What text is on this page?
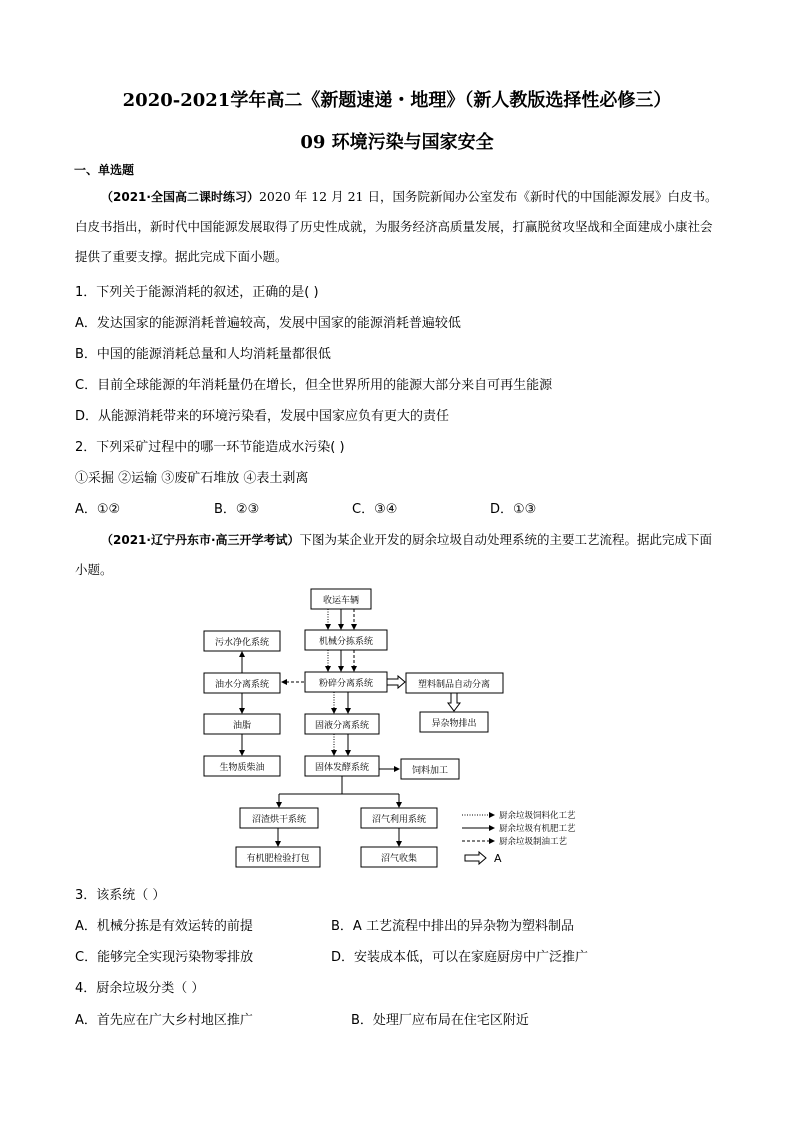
2020-2021学年高二《新题速递・地理》（新人教版选择性必修三）
09 环境污染与国家安全
一、单选题
（2021·全国高二课时练习）2020 年 12 月 21 日，国务院新闻办公室发布《新时代的中国能源发展》白皮书。白皮书指出，新时代中国能源发展取得了历史性成就，为服务经济高质量发展，打赢脱贫攻坚战和全面建成小康社会提供了重要支撑。据此完成下面小题。
1．下列关于能源消耗的叙述，正确的是( )
A．发达国家的能源消耗普遍较高，发展中国家的能源消耗普遍较低
B．中国的能源消耗总量和人均消耗量都很低
C．目前全球能源的年消耗量仍在增长，但全世界所用的能源大部分来自可再生能源
D．从能源消耗带来的环境污染看，发展中国家应负有更大的责任
2．下列采矿过程中的哪一环节能造成水污染( )
①采掘 ②运输 ③废矿石堆放 ④表土剥离
A．①②	B．②③	C．③④	D．①③
（2021·辽宁丹东市·高三开学考试）下图为某企业开发的厨余垃圾自动处理系统的主要工艺流程。据此完成下面小题。
收运车辆
机械分拣系统
粉碎分离系统
污水净化系统
油水分离系统
油脂
生物质柴油
塑料制品自动分离
异杂物排出
固液分离系统
固体发酵系统	饲料加工
沼渣烘干系统	沼气利用系统
有机肥检验打包	沼气收集
厨余垃圾饲料化工艺
厨余垃圾有机肥工艺
厨余垃圾制油工艺
A
3．该系统（ ）
A．机械分拣是有效运转的前提	B．A 工艺流程中排出的异杂物为塑料制品
C．能够完全实现污染物零排放	D．安装成本低，可以在家庭厨房中广泛推广
4．厨余垃圾分类（ ）
A．首先应在广大乡村地区推广	B．处理厂应布局在住宅区附近
